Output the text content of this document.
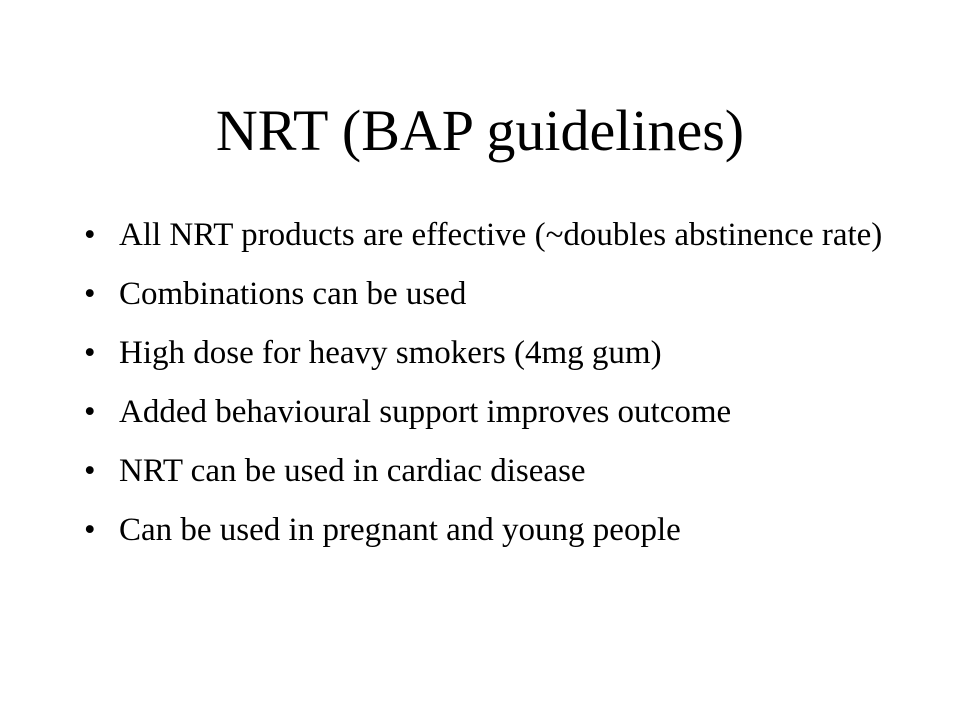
NRT (BAP guidelines)
• All NRT products are effective (~doubles abstinence rate)
• Combinations can be used
• High dose for heavy smokers (4mg gum)
• Added behavioural support improves outcome
• NRT can be used in cardiac disease
• Can be used in pregnant and young people
